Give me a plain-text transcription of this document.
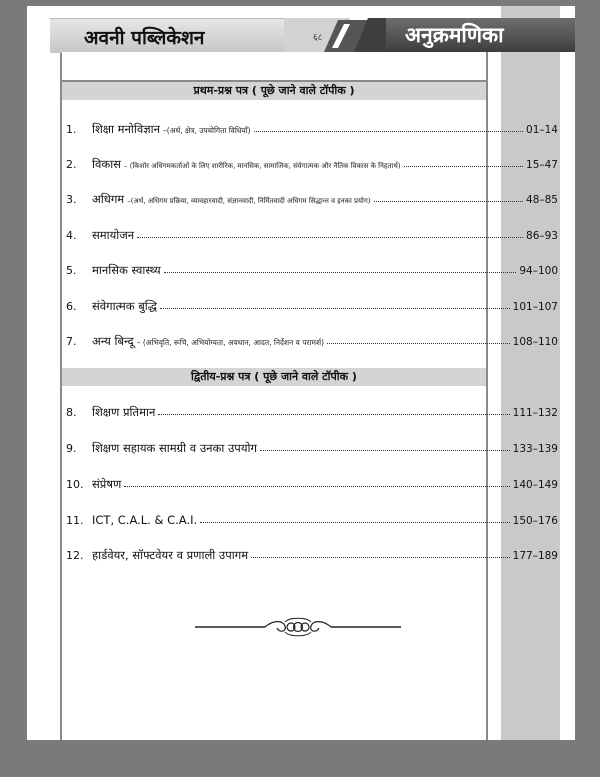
अवनी पब्लिकेशन	६८	अनुक्रमणिका
प्रथम-प्रश्न पत्र ( पूछे जाने वाले टॉपीक )
1.	शिक्षा मनोविज्ञान –(अर्थ, क्षेत्र, उपयोगिता विधियाँ)	01–14
2.	विकास – (किशोर अधिगमकर्ताओं के लिए शारीरिक, मानसिक, सामाजिक, संवेगात्मक और नैतिक विकास के निहतार्थ)	15–47
3.	अधिगम –(अर्थ, अधिगम प्रक्रिया, व्यावहारवादी, संज्ञानवादी, निर्मितवादी अधिगम सिद्धान्त व इनका प्रयोग)	48–85
4.	समायोजन	86–93
5.	मानसिक स्वास्थ्य	94–100
6.	संवेगात्मक बुद्धि	101–107
7.	अन्य बिन्दू – (अभिवृति, रूचि, अभियोग्यता, अवधान, आदत, निर्देशन व परामर्श)	108–110
द्वितीय-प्रश्न पत्र ( पूछे जाने वाले टॉपीक )
8.	शिक्षण प्रतिमान	111–132
9.	शिक्षण सहायक सामग्री व उनका उपयोग	133–139
10. संप्रेषण	140–149
11. ICT, C.A.L. & C.A.I.	150–176
12. हार्डवेयर, सॉफ्टवेयर व प्रणाली उपागम	177–189
